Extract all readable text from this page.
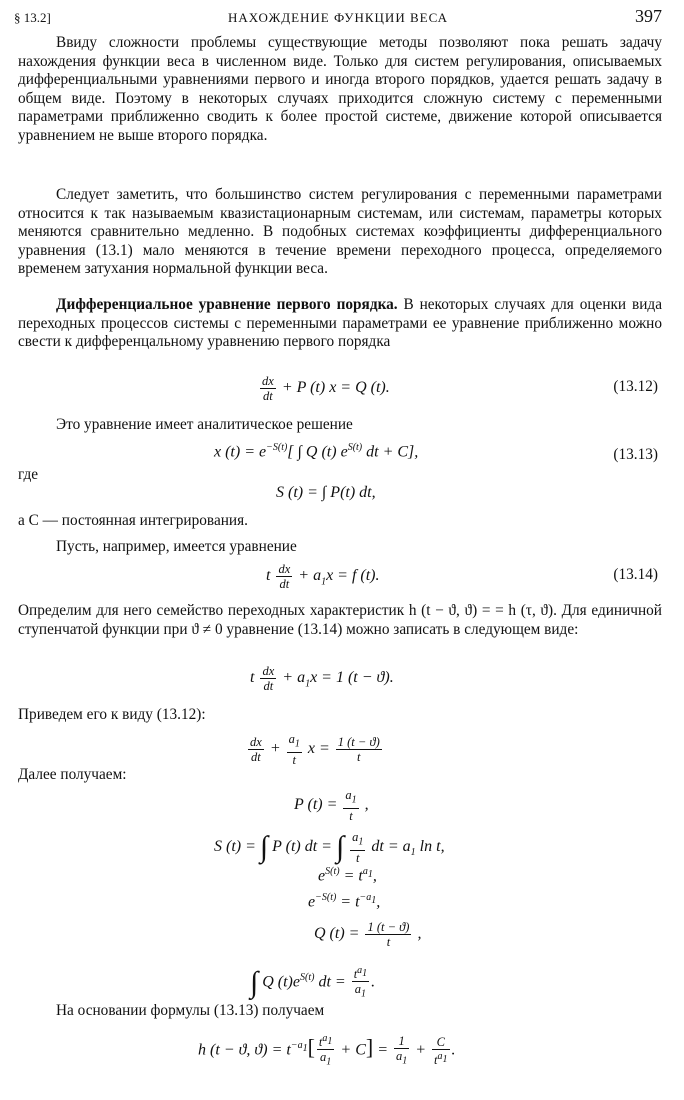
§ 13.2]	НАХОЖДЕНИЕ ФУНКЦИИ ВЕСА	397
Ввиду сложности проблемы существующие методы позволяют пока решать задачу нахождения функции веса в численном виде. Только для систем регулирования, описываемых дифференциальными уравнениями первого и иногда второго порядков, удается решать задачу в общем виде. Поэтому в некоторых случаях приходится сложную систему с переменными параметрами приближенно сводить к более простой системе, движение которой описывается уравнением не выше второго порядка.
Следует заметить, что большинство систем регулирования с переменными параметрами относится к так называемым квазистационарным системам, или системам, параметры которых меняются сравнительно медленно. В подобных системах коэффициенты дифференциального уравнения (13.1) мало меняются в течение времени переходного процесса, определяемого временем затухания нормальной функции веса.
Дифференциальное уравнение первого порядка. В некоторых случаях для оценки вида переходных процессов системы с переменными параметрами ее уравнение приближенно можно свести к дифференцальному уравнению первого порядка
$\frac{dx}{dt} + P$ (t) x = Q (t).	(13.12)
Это уравнение имеет аналитическое решение
x $(t) = e^{-S(t)}$[ ∫ Q (t) $e^{S(t)}$ dt + C],	(13.13)
где
S (t) = ∫ P(t) dt,
а C — постоянная интегрирования.
Пусть, например, имеется уравнение
t $\frac{dx}{dt} + a_1x = f$ (t).	(13.14)
Определим для него семейство переходных характеристик h (t − ϑ, ϑ) = = h (τ, ϑ). Для единичной ступенчатой функции при ϑ ≠ 0 уравнение (13.14) можно записать в следующем виде:
t $\frac{dx}{dt} + a_1x = 1$ (t − ϑ).
Приведем его к виду (13.12):
$\frac{dx}{dt} + \frac{a_1}{t}$ $x = \frac{1 (t - ϑ)}{t}$
Далее получаем:
P $(t) = \frac{a_1}{t}$ ,
S (t) = ∫ P (t) dt = ∫ $\frac{a_1}{t}$ dt = $a_1$ ln t,
$e^{S(t)} = t^{a_1}$,
$e^{-S(t)} = t^{-a_1}$,
Q $(t) = \frac{1 (t - ϑ)}{t}$ ,
∫ Q $(t)e^{S(t)}$ dt = $\frac{t^{a_1}}{a_1}$ .
На основании формулы (13.13) получаем
h (t − ϑ, $ϑ) = t^{-a_1}[ \frac{t^{a_1}}{a_1} + C] = \frac{1}{a_1} + \frac{C}{t^{a_1}}$ .
